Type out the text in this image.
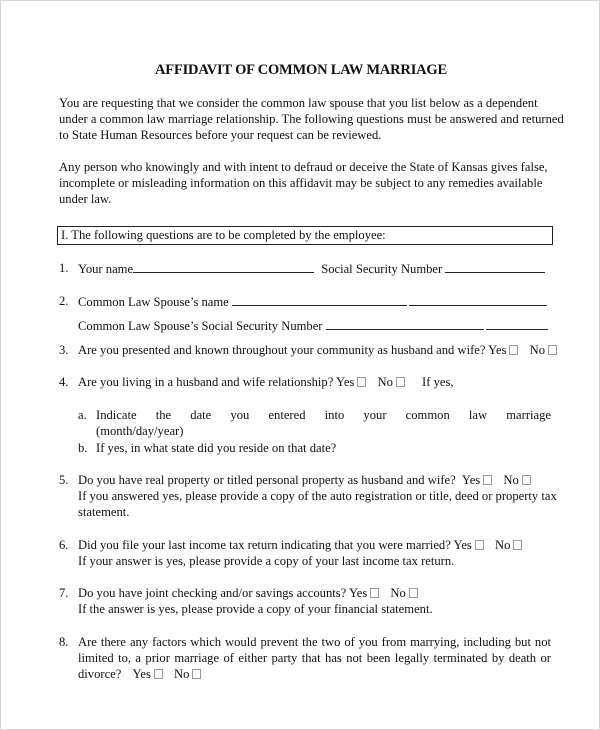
AFFIDAVIT OF COMMON LAW MARRIAGE
You are requesting that we consider the common law spouse that you list below as a dependent
under a common law marriage relationship. The following questions must be answered and returned
to State Human Resources before your request can be reviewed.
Any person who knowingly and with intent to defraud or deceive the State of Kansas gives false,
incomplete or misleading information on this affidavit may be subject to any remedies available
under law.
I. The following questions are to be completed by the employee:
1. Your name	Social Security Number
2. Common Law Spouse’s name
Common Law Spouse’s Social Security Number
3. Are you presented and known throughout your community as husband and wife? Yes No
4. Are you living in a husband and wife relationship? Yes No If yes,
a. Indicate the date you entered into your common law marriage
(month/day/year)
b. If yes, in what state did you reside on that date?
5. Do you have real property or titled personal property as husband and wife? Yes No
If you answered yes, please provide a copy of the auto registration or title, deed or property tax
statement.
6. Did you file your last income tax return indicating that you were married? Yes No
If your answer is yes, please provide a copy of your last income tax return.
7. Do you have joint checking and/or savings accounts? Yes No
If the answer is yes, please provide a copy of your financial statement.
8. Are there any factors which would prevent the two of you from marrying, including but not
limited to, a prior marriage of either party that has not been legally terminated by death or
divorce? Yes No
